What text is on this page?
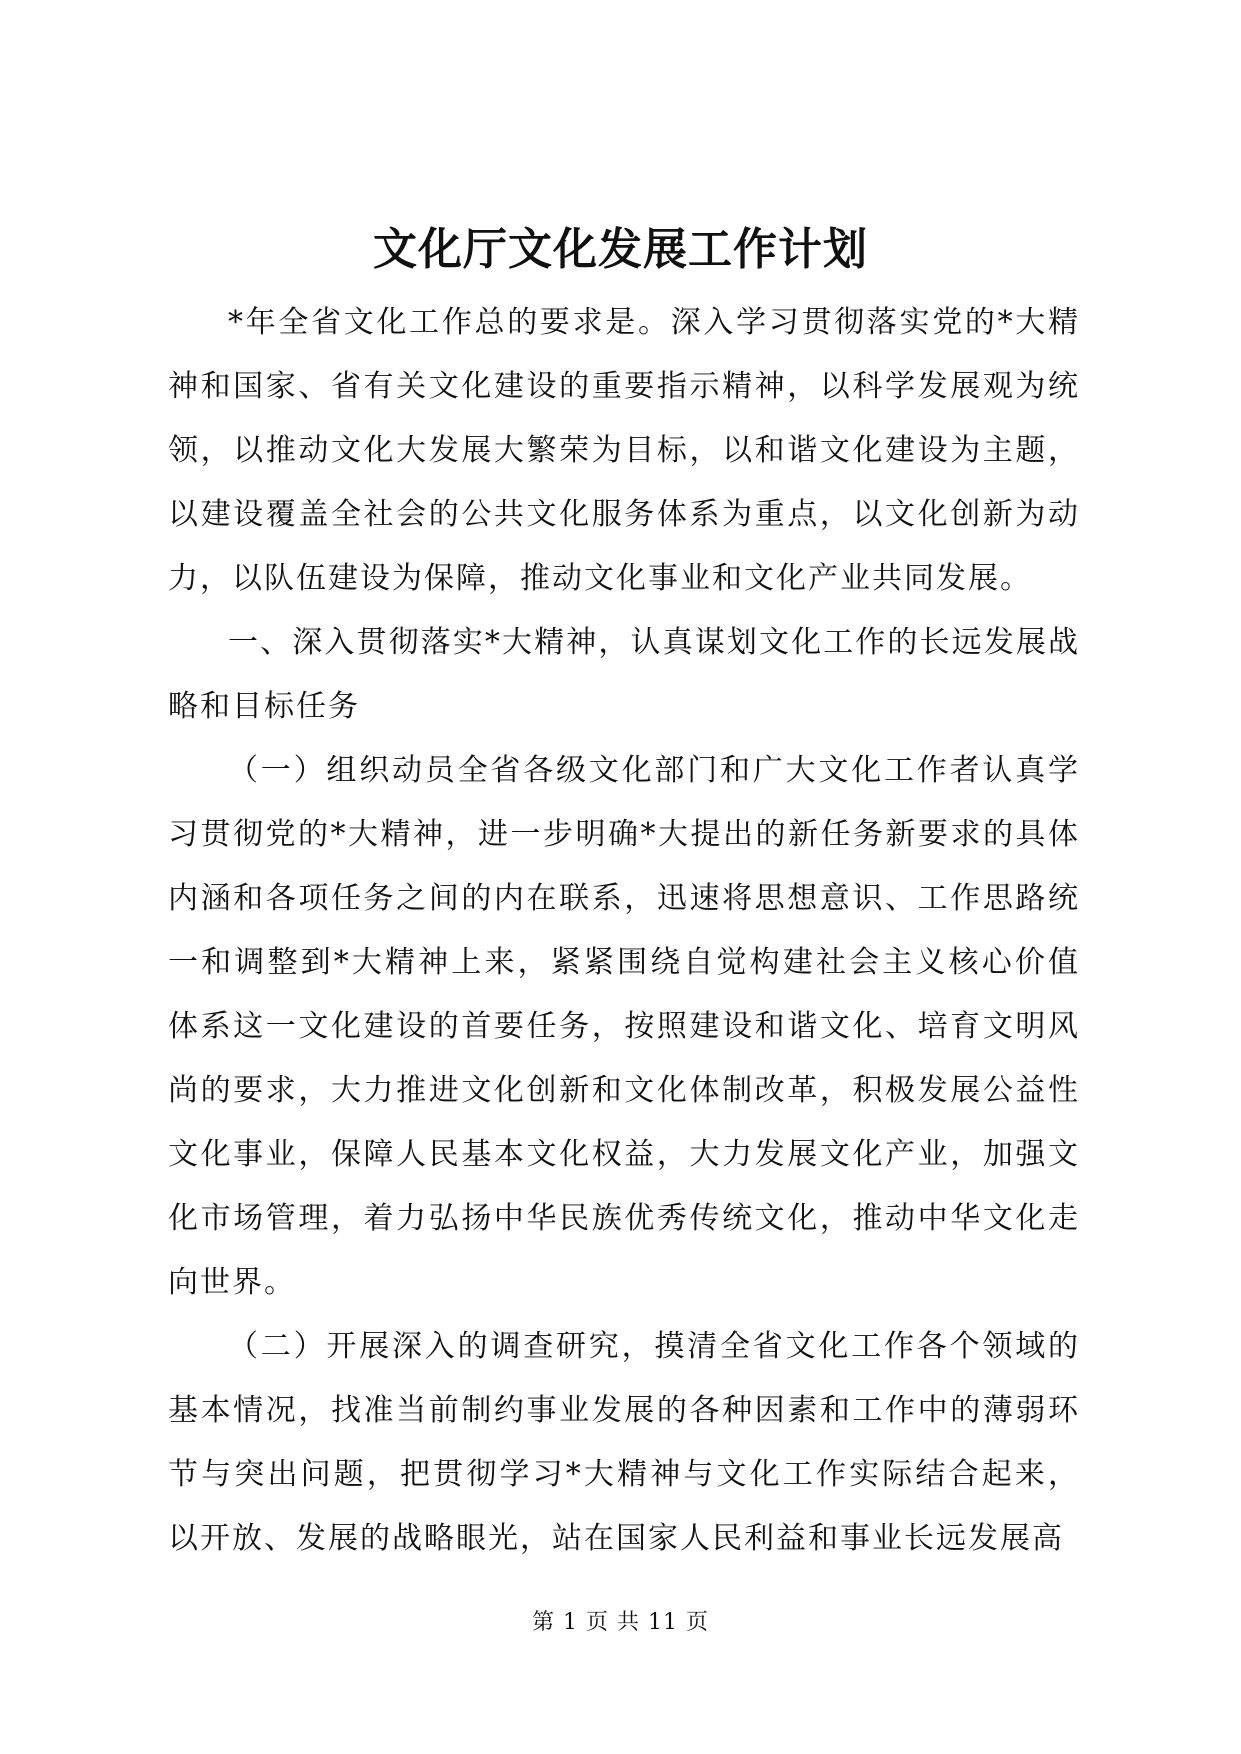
文化厅文化发展工作计划

*年全省文化工作总的要求是。深入学习贯彻落实党的*大精神和国家、省有关文化建设的重要指示精神，以科学发展观为统领，以推动文化大发展大繁荣为目标，以和谐文化建设为主题，以建设覆盖全社会的公共文化服务体系为重点，以文化创新为动力，以队伍建设为保障，推动文化事业和文化产业共同发展。

一、深入贯彻落实*大精神，认真谋划文化工作的长远发展战略和目标任务

（一）组织动员全省各级文化部门和广大文化工作者认真学习贯彻党的*大精神，进一步明确*大提出的新任务新要求的具体内涵和各项任务之间的内在联系，迅速将思想意识、工作思路统一和调整到*大精神上来，紧紧围绕自觉构建社会主义核心价值体系这一文化建设的首要任务，按照建设和谐文化、培育文明风尚的要求，大力推进文化创新和文化体制改革，积极发展公益性文化事业，保障人民基本文化权益，大力发展文化产业，加强文化市场管理，着力弘扬中华民族优秀传统文化，推动中华文化走向世界。

（二）开展深入的调查研究，摸清全省文化工作各个领域的基本情况，找准当前制约事业发展的各种因素和工作中的薄弱环节与突出问题，把贯彻学习*大精神与文化工作实际结合起来，以开放、发展的战略眼光，站在国家人民利益和事业长远发展高

第 1 页 共 11 页
